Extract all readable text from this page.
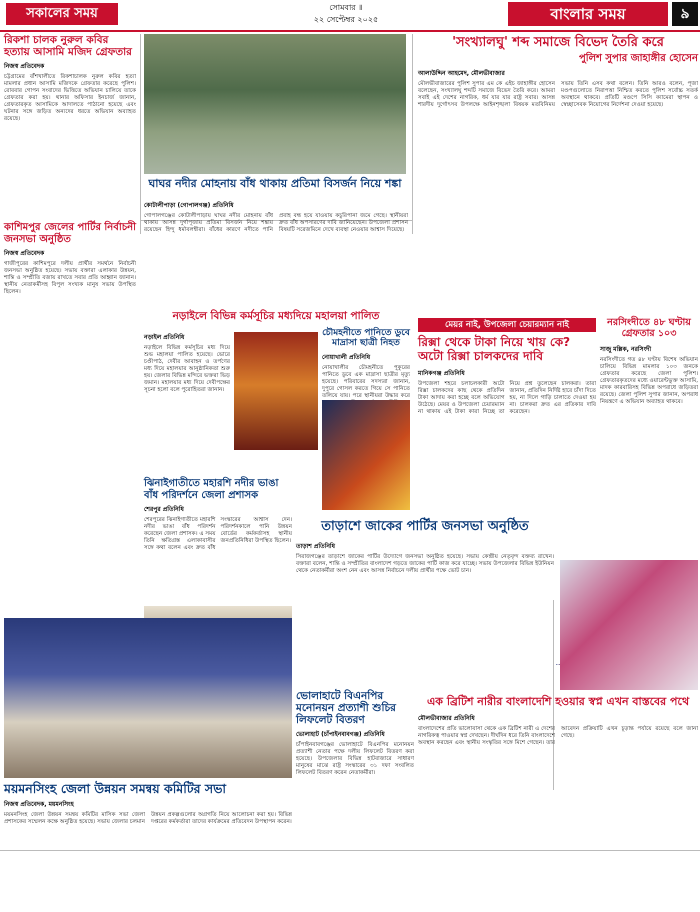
সকালের সময়	সোমবার ॥
২২ সেপ্টেম্বর ২০২৫	বাংলার সময়	৯

রিকশা চালক নুরুল কবির হত্যায় আসামি মজিদ গ্রেফতার

নিজস্ব প্রতিবেদক
চট্টগ্রামের বাঁশখালীতে রিকশাচালক নুরুল কবির হত্যা মামলার প্রধান আসামি মজিদকে গ্রেফতার করেছে পুলিশ। রোববার গোপন সংবাদের ভিত্তিতে অভিযান চালিয়ে তাকে গ্রেফতার করা হয়। থানার অফিসার ইনচার্জ জানান, গ্রেফতারকৃত আসামিকে আদালতে পাঠানো হয়েছে এবং ঘটনার সঙ্গে জড়িত অন্যদের ধরতে অভিযান অব্যাহত রয়েছে।

কাশিমপুর জেলের পার্টির নির্বাচনী জনসভা অনুষ্ঠিত

নিজস্ব প্রতিবেদক
গাজীপুরের কাশিমপুরে দলীয় প্রার্থীর সমর্থনে নির্বাচনী জনসভা অনুষ্ঠিত হয়েছে। সভায় বক্তারা এলাকার উন্নয়ন, শান্তি ও সম্প্রীতি বজায় রাখতে সবার প্রতি আহ্বান জানান। স্থানীয় নেতাকর্মীসহ বিপুল সংখ্যক মানুষ সভায় উপস্থিত ছিলেন।

ঘাঘর নদীর মোহনায় বাঁধ থাকায় প্রতিমা বিসর্জন নিয়ে শঙ্কা

কোটালীপাড়া (গোপালগঞ্জ) প্রতিনিধি
গোপালগঞ্জের কোটালীপাড়ায় ঘাঘর নদীর মোহনায় বাঁধ থাকায় আসন্ন দুর্গাপূজায় প্রতিমা বিসর্জন নিয়ে শঙ্কায় রয়েছেন হিন্দু ধর্মাবলম্বীরা। বাঁধের কারণে নদীতে পানি প্রবাহ বন্ধ হয়ে যাওয়ায় কচুরিপানা জমে গেছে। স্থানীয়রা দ্রুত বাঁধ অপসারণের দাবি জানিয়েছেন। উপজেলা প্রশাসন বিষয়টি সরেজমিনে দেখে ব্যবস্থা নেওয়ার আশ্বাস দিয়েছে।

'সংখ্যালঘু' শব্দ সমাজে বিভেদ তৈরি করে

পুলিশ সুপার জাহাঙ্গীর হোসেন

আলাউদ্দিন আহমেদ, মৌলভীবাজার
মৌলভীবাজারের পুলিশ সুপার এম কে এইচ জাহাঙ্গীর হোসেন বলেছেন, সংখ্যালঘু শব্দটি সমাজে বিভেদ তৈরি করে। আমরা সবাই এই দেশের নাগরিক, ধর্ম যার যার রাষ্ট্র সবার। আসন্ন শারদীয় দুর্গোৎসব উপলক্ষে আইনশৃঙ্খলা বিষয়ক মতবিনিময় সভায় তিনি এসব কথা বলেন। তিনি আরও বলেন, পূজা মণ্ডপগুলোতে নিরাপত্তা নিশ্চিত করতে পুলিশ সর্বোচ্চ সতর্ক অবস্থানে থাকবে। প্রতিটি মণ্ডপে সিসি ক্যামেরা স্থাপন ও স্বেচ্ছাসেবক নিয়োগের নির্দেশনা দেওয়া হয়েছে।

নড়াইলে বিভিন্ন কর্মসূচির মধ্যদিয়ে মহালয়া পালিত

নড়াইল প্রতিনিধি
নড়াইলে বিভিন্ন কর্মসূচির মধ্য দিয়ে শুভ মহালয়া পালিত হয়েছে। ভোরে চণ্ডীপাঠ, দেবীর আবাহন ও তর্পণের মধ্য দিয়ে মহালয়ার আনুষ্ঠানিকতা শুরু হয়। জেলার বিভিন্ন মন্দিরে ভক্তরা ভিড় জমান। মহালয়ার মধ্য দিয়ে দেবীপক্ষের সূচনা হলো বলে পুরোহিতরা জানান।

চৌমহনীতে পানিতে ডুবে মাদ্রাসা ছাত্রী নিহত

নোয়াখালী প্রতিনিধি
নোয়াখালীর চৌমহনীতে পুকুরের পানিতে ডুবে এক মাদ্রাসা ছাত্রীর মৃত্যু হয়েছে। পরিবারের সদস্যরা জানান, দুপুরে গোসল করতে গিয়ে সে পানিতে তলিয়ে যায়। পরে স্থানীয়রা উদ্ধার করে

ঝিনাইগাতীতে মহারশি নদীর ভাঙা বাঁধ পরিদর্শনে জেলা প্রশাসক

শেরপুর প্রতিনিধি
শেরপুরের ঝিনাইগাতীতে মহারশি নদীর ভাঙা বাঁধ পরিদর্শন করেছেন জেলা প্রশাসক। এ সময় তিনি ক্ষতিগ্রস্ত এলাকাবাসীর সঙ্গে কথা বলেন এবং দ্রুত বাঁধ সংস্কারের আশ্বাস দেন। পরিদর্শনকালে পানি উন্নয়ন বোর্ডের কর্মকর্তাসহ স্থানীয় জনপ্রতিনিধিরা উপস্থিত ছিলেন।

তাড়াশে জাকের পার্টির জনসভা অনুষ্ঠিত

তাড়াশ প্রতিনিধি
সিরাজগঞ্জের তাড়াশে জাকের পার্টির উদ্যোগে জনসভা অনুষ্ঠিত হয়েছে। সভায় কেন্দ্রীয় নেতৃবৃন্দ বক্তব্য রাখেন। বক্তারা বলেন, শান্তি ও সম্প্রীতির বাংলাদেশ গড়তে জাকের পার্টি কাজ করে যাচ্ছে। সভায় উপজেলার বিভিন্ন ইউনিয়ন থেকে নেতাকর্মীরা অংশ নেন এবং আসন্ন নির্বাচনে দলীয় প্রার্থীর পক্ষে ভোট চান।
মেয়র নাই, উপজেলা চেয়ারম্যান নাই	নরসিংদীতে ৪৮ ঘণ্টায় গ্রেফতার ১০৩

সাজু মল্লিক, নরসিংদী
নরসিংদীতে গত ৪৮ ঘণ্টায় বিশেষ অভিযান চালিয়ে বিভিন্ন মামলার ১০৩ জনকে গ্রেফতার করেছে জেলা পুলিশ। গ্রেফতারকৃতদের মধ্যে ওয়ারেন্টভুক্ত আসামি, মাদক কারবারিসহ বিভিন্ন অপরাধে জড়িতরা রয়েছে। জেলা পুলিশ সুপার জানান, অপরাধ নিয়ন্ত্রণে এ অভিযান অব্যাহত থাকবে।

রিক্সা থেকে টাকা নিয়ে খায় কে? অটো রিক্সা চালকদের দাবি

মানিকগঞ্জ প্রতিনিধি
উপজেলা শহরে চলাচলকারী অটো রিক্সা চালকদের কাছ থেকে প্রতিদিন টাকা আদায় করা হচ্ছে বলে অভিযোগ উঠেছে। মেয়র ও উপজেলা চেয়ারম্যান না থাকায় এই টাকা কারা নিচ্ছে তা নিয়ে প্রশ্ন তুলেছেন চালকরা। তারা জানান, প্রতিদিন নির্দিষ্ট হারে চাঁদা দিতে হয়, না দিলে গাড়ি চালাতে দেওয়া হয় না। চালকরা দ্রুত এর প্রতিকার দাবি করেছেন।

এক ব্রিটিশ নারীর বাংলাদেশি হওয়ার স্বপ্ন এখন বাস্তবের পথে

মৌলভীবাজার প্রতিনিধি
বাংলাদেশের প্রতি ভালোবাসা থেকে এক ব্রিটিশ নারী এ দেশের নাগরিকত্ব পাওয়ার স্বপ্ন দেখছেন। দীর্ঘদিন ধরে তিনি বাংলাদেশে অবস্থান করছেন এবং স্থানীয় সংস্কৃতির সঙ্গে মিশে গেছেন। তার আবেদন প্রক্রিয়াটি এখন চূড়ান্ত পর্যায়ে রয়েছে বলে জানা গেছে।

ভোলাহাটে বিএনপির মনোনয়ন প্রত্যাশী শুচির লিফলেট বিতরণ

ভোলাহাট (চাঁপাইনবাবগঞ্জ) প্রতিনিধি
চাঁপাইনবাবগঞ্জের ভোলাহাটে বিএনপির মনোনয়ন প্রত্যাশী নেতার পক্ষে দলীয় লিফলেট বিতরণ করা হয়েছে। উপজেলার বিভিন্ন হাটবাজারে সাধারণ মানুষের মাঝে রাষ্ট্র সংস্কারের ৩১ দফা সংবলিত লিফলেট বিতরণ করেন নেতাকর্মীরা।

ময়মনসিংহ জেলা উন্নয়ন সমন্বয় কমিটির সভা

নিজস্ব প্রতিবেদক, ময়মনসিংহ
ময়মনসিংহ জেলা উন্নয়ন সমন্বয় কমিটির মাসিক সভা জেলা প্রশাসকের সম্মেলন কক্ষে অনুষ্ঠিত হয়েছে। সভায় জেলার চলমান উন্নয়ন প্রকল্পগুলোর অগ্রগতি নিয়ে আলোচনা করা হয়। বিভিন্ন দপ্তরের কর্মকর্তারা তাদের কার্যক্রমের প্রতিবেদন উপস্থাপন করেন।
